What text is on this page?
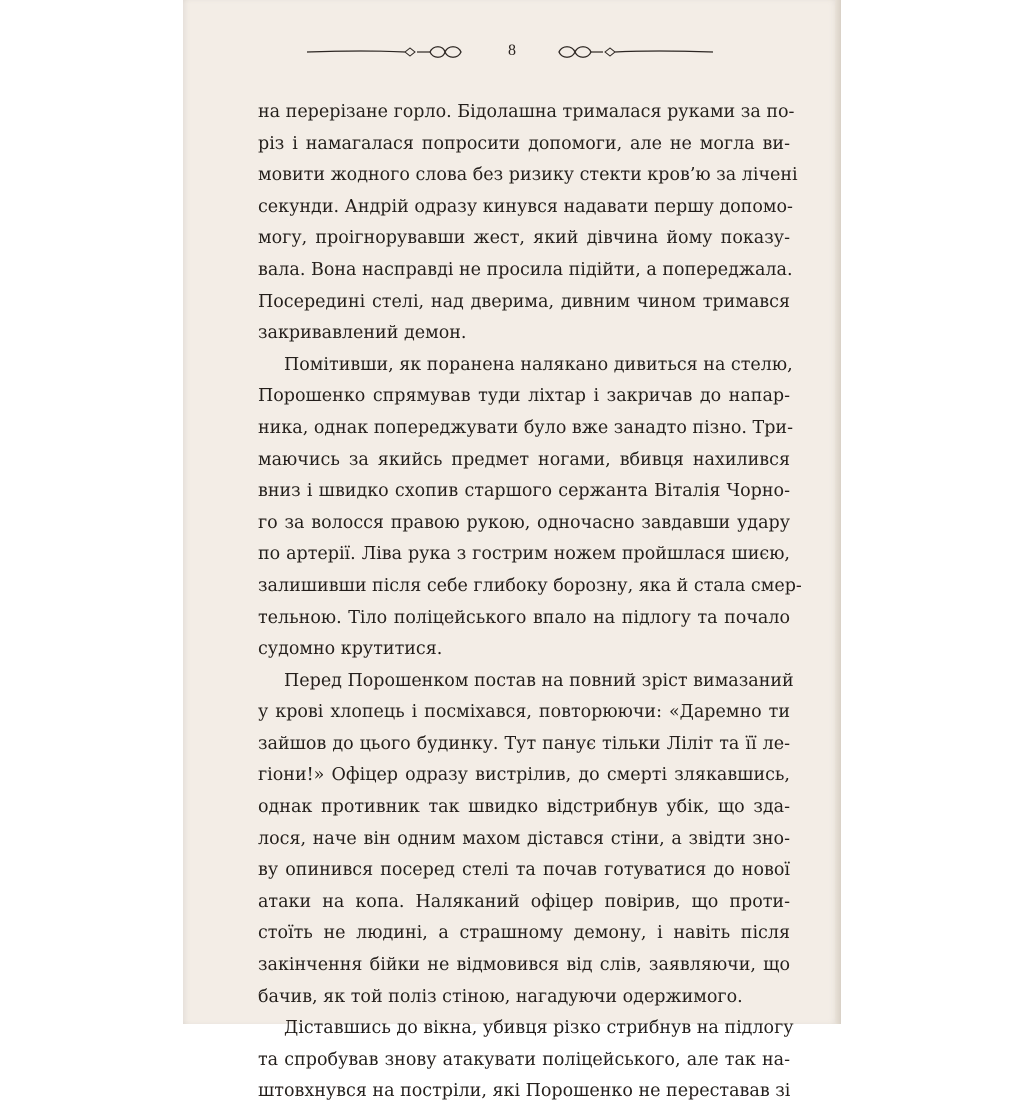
8
на перерізане горло. Бідолашна трималася руками за по-
різ і намагалася попросити допомоги, але не могла ви-
мовити жодного слова без ризику стекти кров’ю за лічені
секунди. Андрій одразу кинувся надавати першу допомо-
могу, проігнорувавши жест, який дівчина йому показу-
вала. Вона насправді не просила підійти, а попереджала.
Посередині стелі, над дверима, дивним чином тримався
закривавлений демон.
Помітивши, як поранена налякано дивиться на стелю,
Порошенко спрямував туди ліхтар і закричав до напар-
ника, однак попереджувати було вже занадто пізно. Три-
маючись за якийсь предмет ногами, вбивця нахилився
вниз і швидко схопив старшого сержанта Віталія Чорно-
го за волосся правою рукою, одночасно завдавши удару
по артерії. Ліва рука з гострим ножем пройшлася шиєю,
залишивши після себе глибоку борозну, яка й стала смер-
тельною. Тіло поліцейського впало на підлогу та почало
судомно крутитися.
Перед Порошенком постав на повний зріст вимазаний
у крові хлопець і посміхався, повторюючи: «Даремно ти
зайшов до цього будинку. Тут панує тільки Ліліт та її ле-
гіони!» Офіцер одразу вистрілив, до смерті злякавшись,
однак противник так швидко відстрибнув убік, що зда-
лося, наче він одним махом дістався стіни, а звідти зно-
ву опинився посеред стелі та почав готуватися до нової
атаки на копа. Наляканий офіцер повірив, що проти-
стоїть не людині, а страшному демону, і навіть після
закінчення бійки не відмовився від слів, заявляючи, що
бачив, як той поліз стіною, нагадуючи одержимого.
Діставшись до вікна, убивця різко стрибнув на підлогу
та спробував знову атакувати поліцейського, але так на-
штовхнувся на постріли, які Порошенко не переставав зі
